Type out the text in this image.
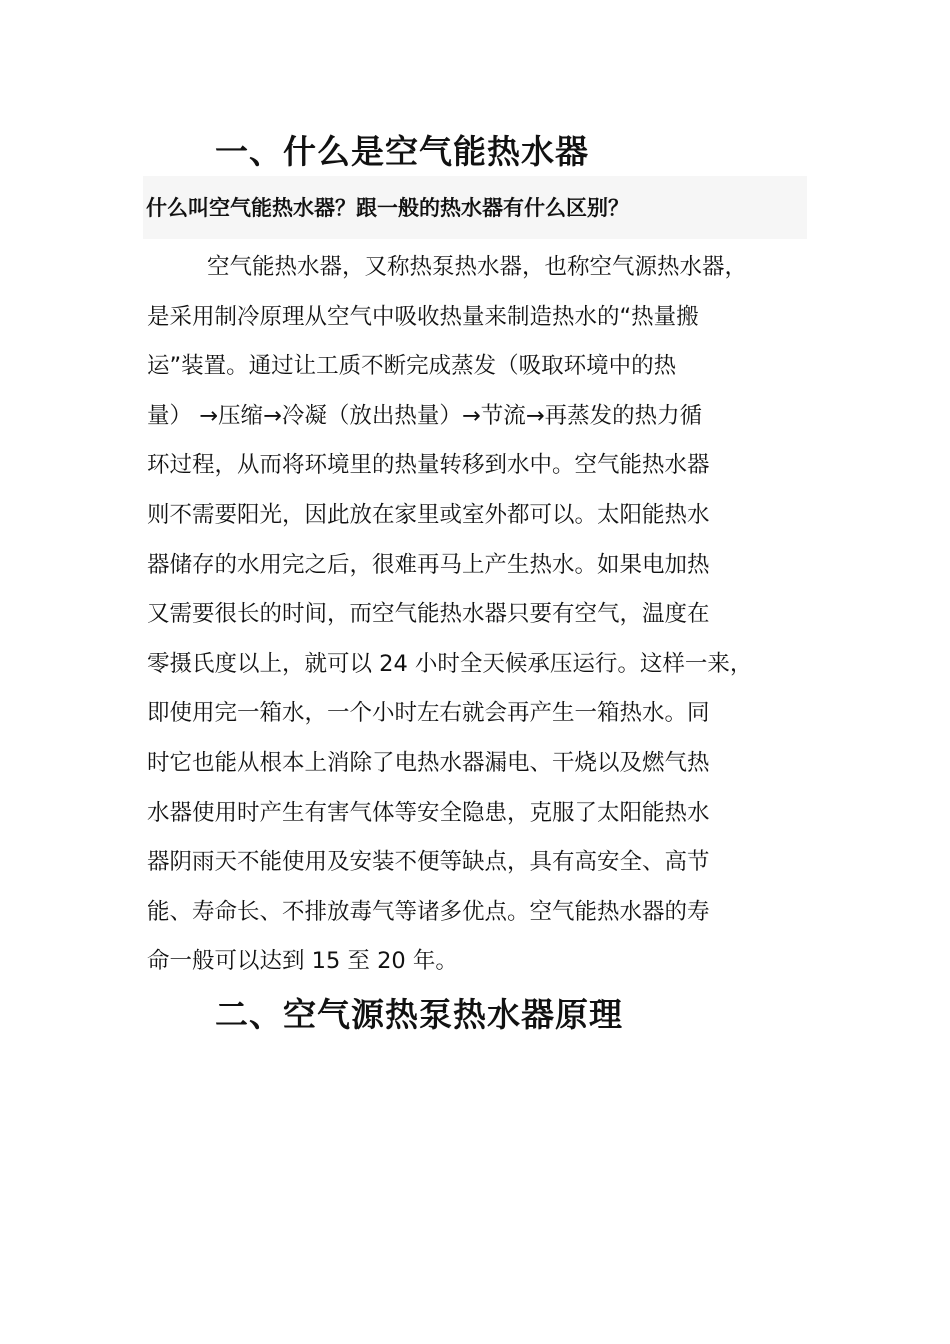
一、什么是空气能热水器
什么叫空气能热水器？跟一般的热水器有什么区别？
空气能热水器，又称热泵热水器，也称空气源热水器，
是采用制冷原理从空气中吸收热量来制造热水的“热量搬
运”装置。通过让工质不断完成蒸发（吸取环境中的热
量） →压缩→冷凝（放出热量）→节流→再蒸发的热力循
环过程，从而将环境里的热量转移到水中。空气能热水器
则不需要阳光，因此放在家里或室外都可以。太阳能热水
器储存的水用完之后，很难再马上产生热水。如果电加热
又需要很长的时间，而空气能热水器只要有空气，温度在
零摄氏度以上，就可以 24 小时全天候承压运行。这样一来，
即使用完一箱水，一个小时左右就会再产生一箱热水。同
时它也能从根本上消除了电热水器漏电、干烧以及燃气热
水器使用时产生有害气体等安全隐患，克服了太阳能热水
器阴雨天不能使用及安装不便等缺点，具有高安全、高节
能、寿命长、不排放毒气等诸多优点。空气能热水器的寿
命一般可以达到 15 至 20 年。
二、空气源热泵热水器原理
